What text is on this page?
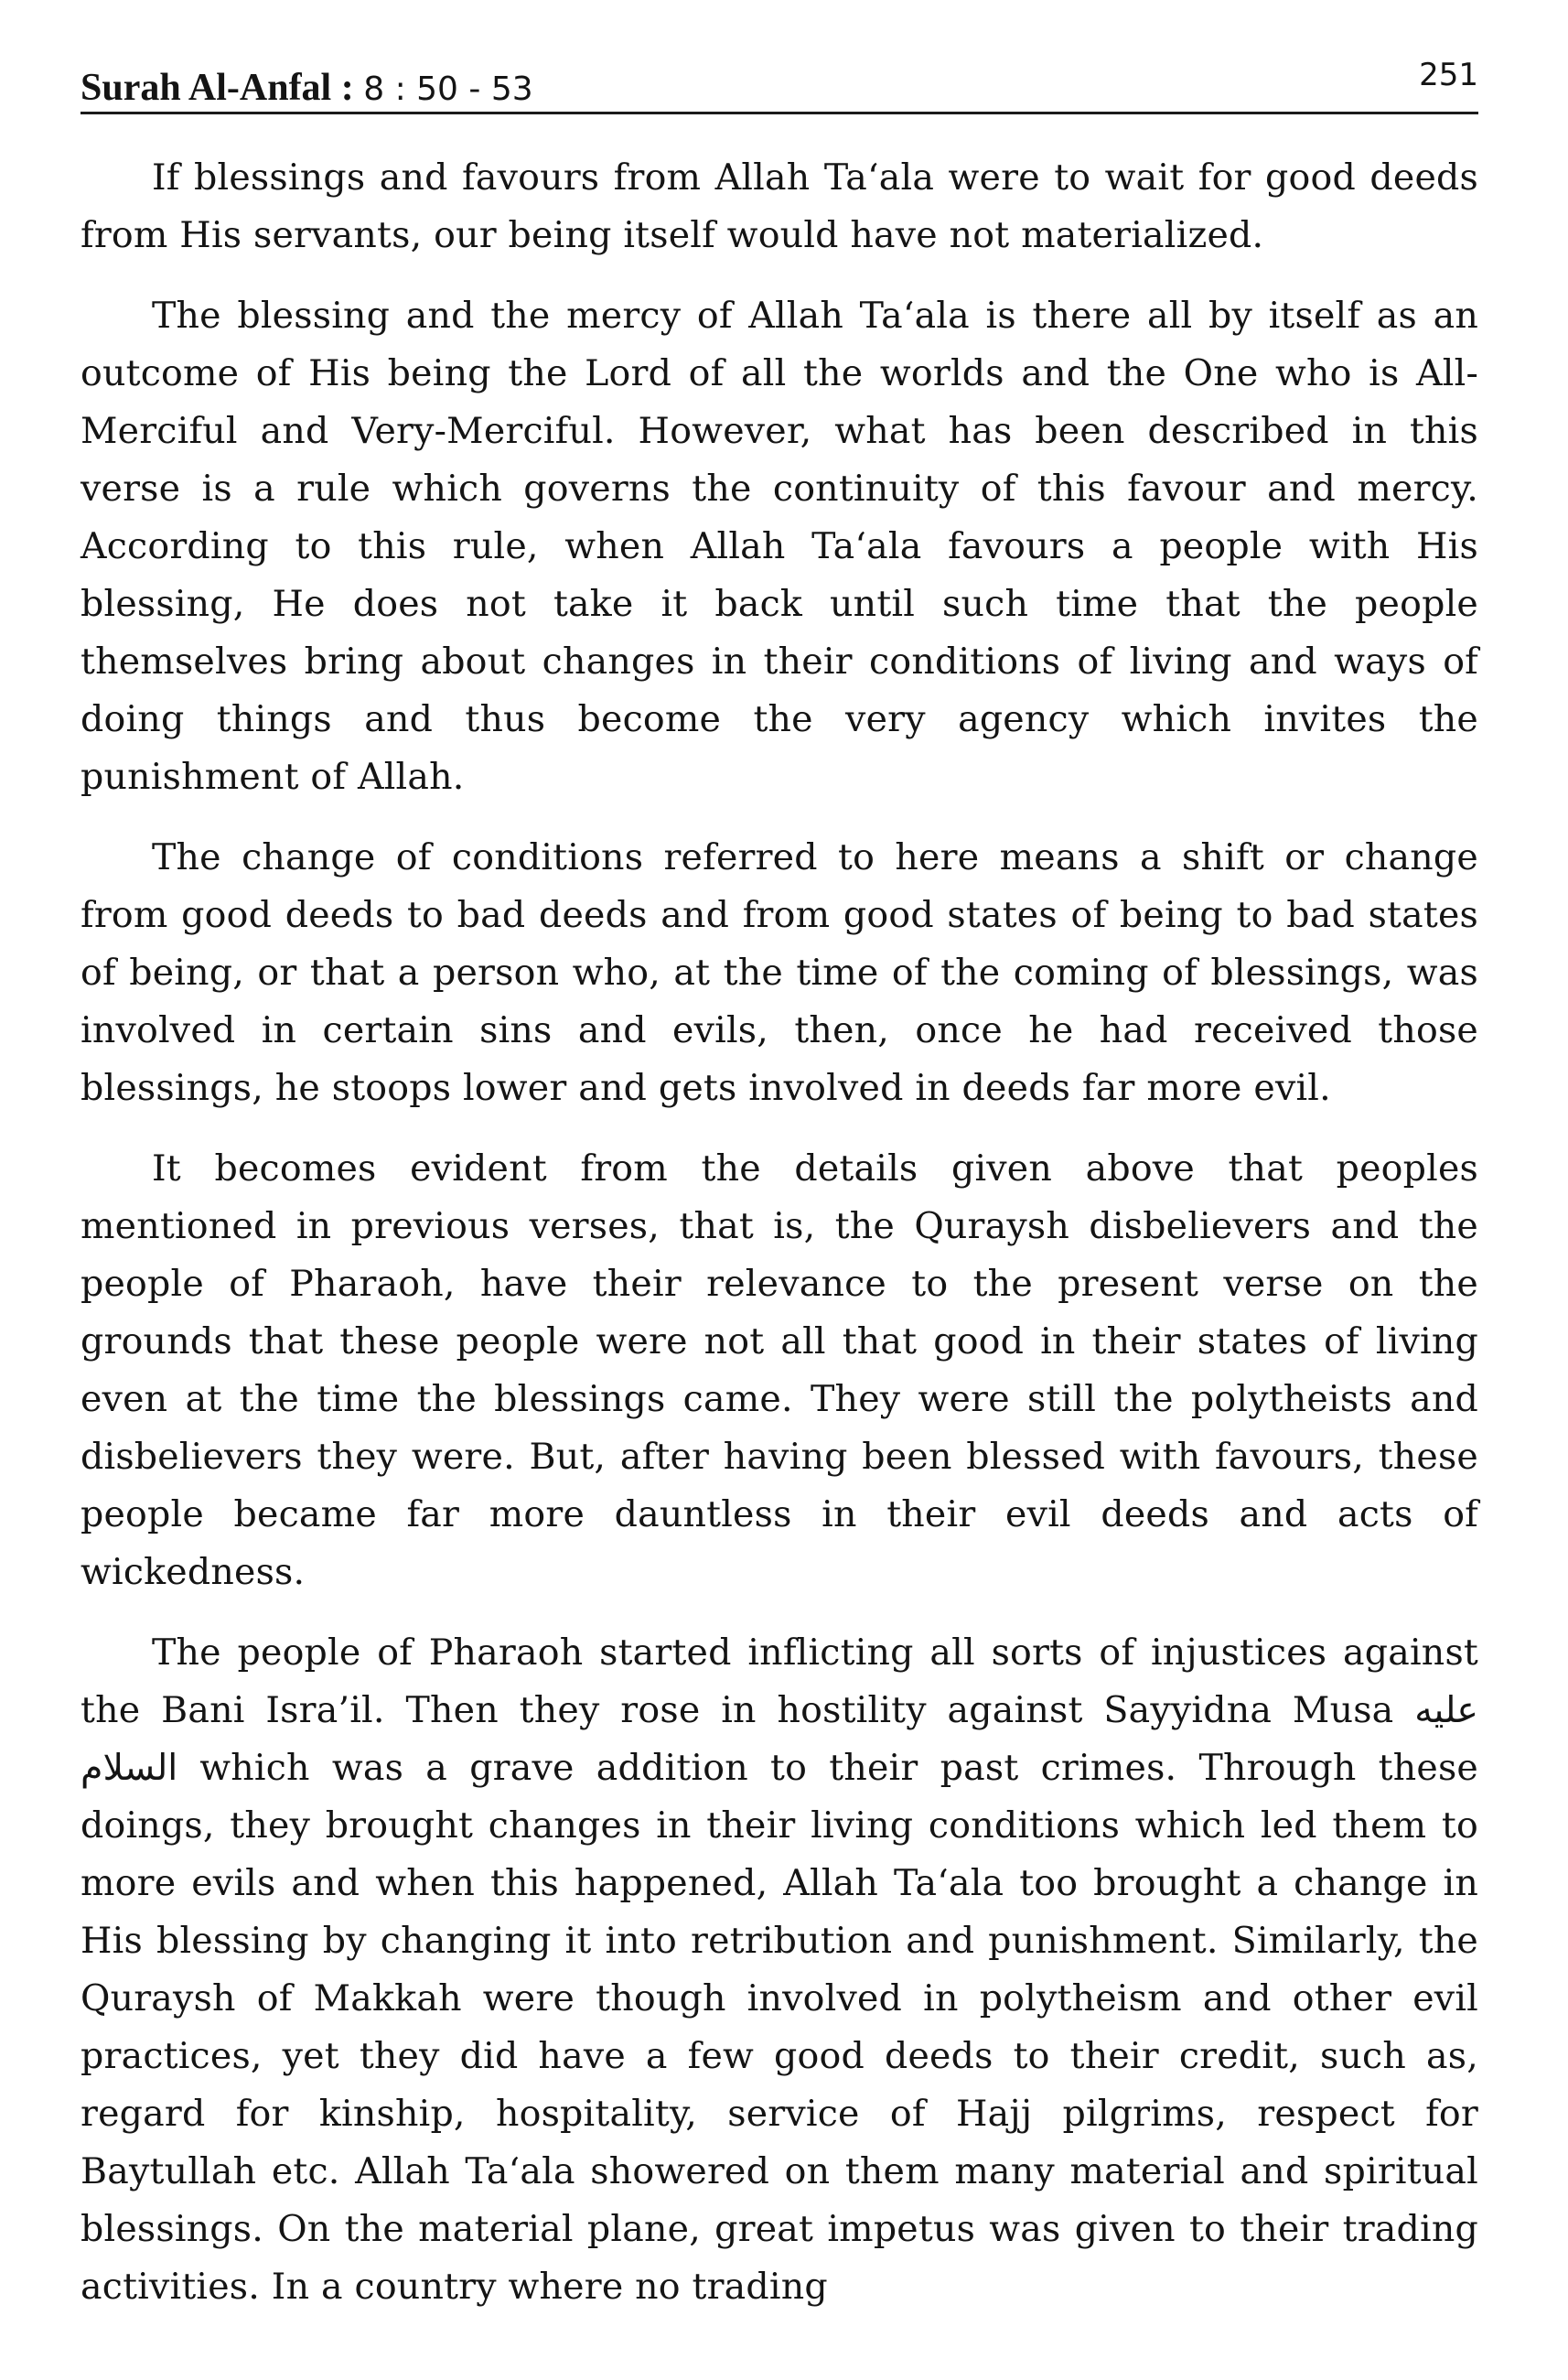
Surah Al-Anfal : 8 : 50 - 53	251

If blessings and favours from Allah Ta‘ala were to wait for good deeds from His servants, our being itself would have not materialized.

The blessing and the mercy of Allah Ta‘ala is there all by itself as an outcome of His being the Lord of all the worlds and the One who is All-Merciful and Very-Merciful. However, what has been described in this verse is a rule which governs the continuity of this favour and mercy. According to this rule, when Allah Ta‘ala favours a people with His blessing, He does not take it back until such time that the people themselves bring about changes in their conditions of living and ways of doing things and thus become the very agency which invites the punishment of Allah.

The change of conditions referred to here means a shift or change from good deeds to bad deeds and from good states of being to bad states of being, or that a person who, at the time of the coming of blessings, was involved in certain sins and evils, then, once he had received those blessings, he stoops lower and gets involved in deeds far more evil.

It becomes evident from the details given above that peoples mentioned in previous verses, that is, the Quraysh disbelievers and the people of Pharaoh, have their relevance to the present verse on the grounds that these people were not all that good in their states of living even at the time the blessings came. They were still the polytheists and disbelievers they were. But, after having been blessed with favours, these people became far more dauntless in their evil deeds and acts of wickedness.

The people of Pharaoh started inflicting all sorts of injustices against the Bani Isra’il. Then they rose in hostility against Sayyidna Musa عليه السلام which was a grave addition to their past crimes. Through these doings, they brought changes in their living conditions which led them to more evils and when this happened, Allah Ta‘ala too brought a change in His blessing by changing it into retribution and punishment. Similarly, the Quraysh of Makkah were though involved in polytheism and other evil practices, yet they did have a few good deeds to their credit, such as, regard for kinship, hospitality, service of Hajj pilgrims, respect for Baytullah etc. Allah Ta‘ala showered on them many material and spiritual blessings. On the material plane, great impetus was given to their trading activities. In a country where no trading
